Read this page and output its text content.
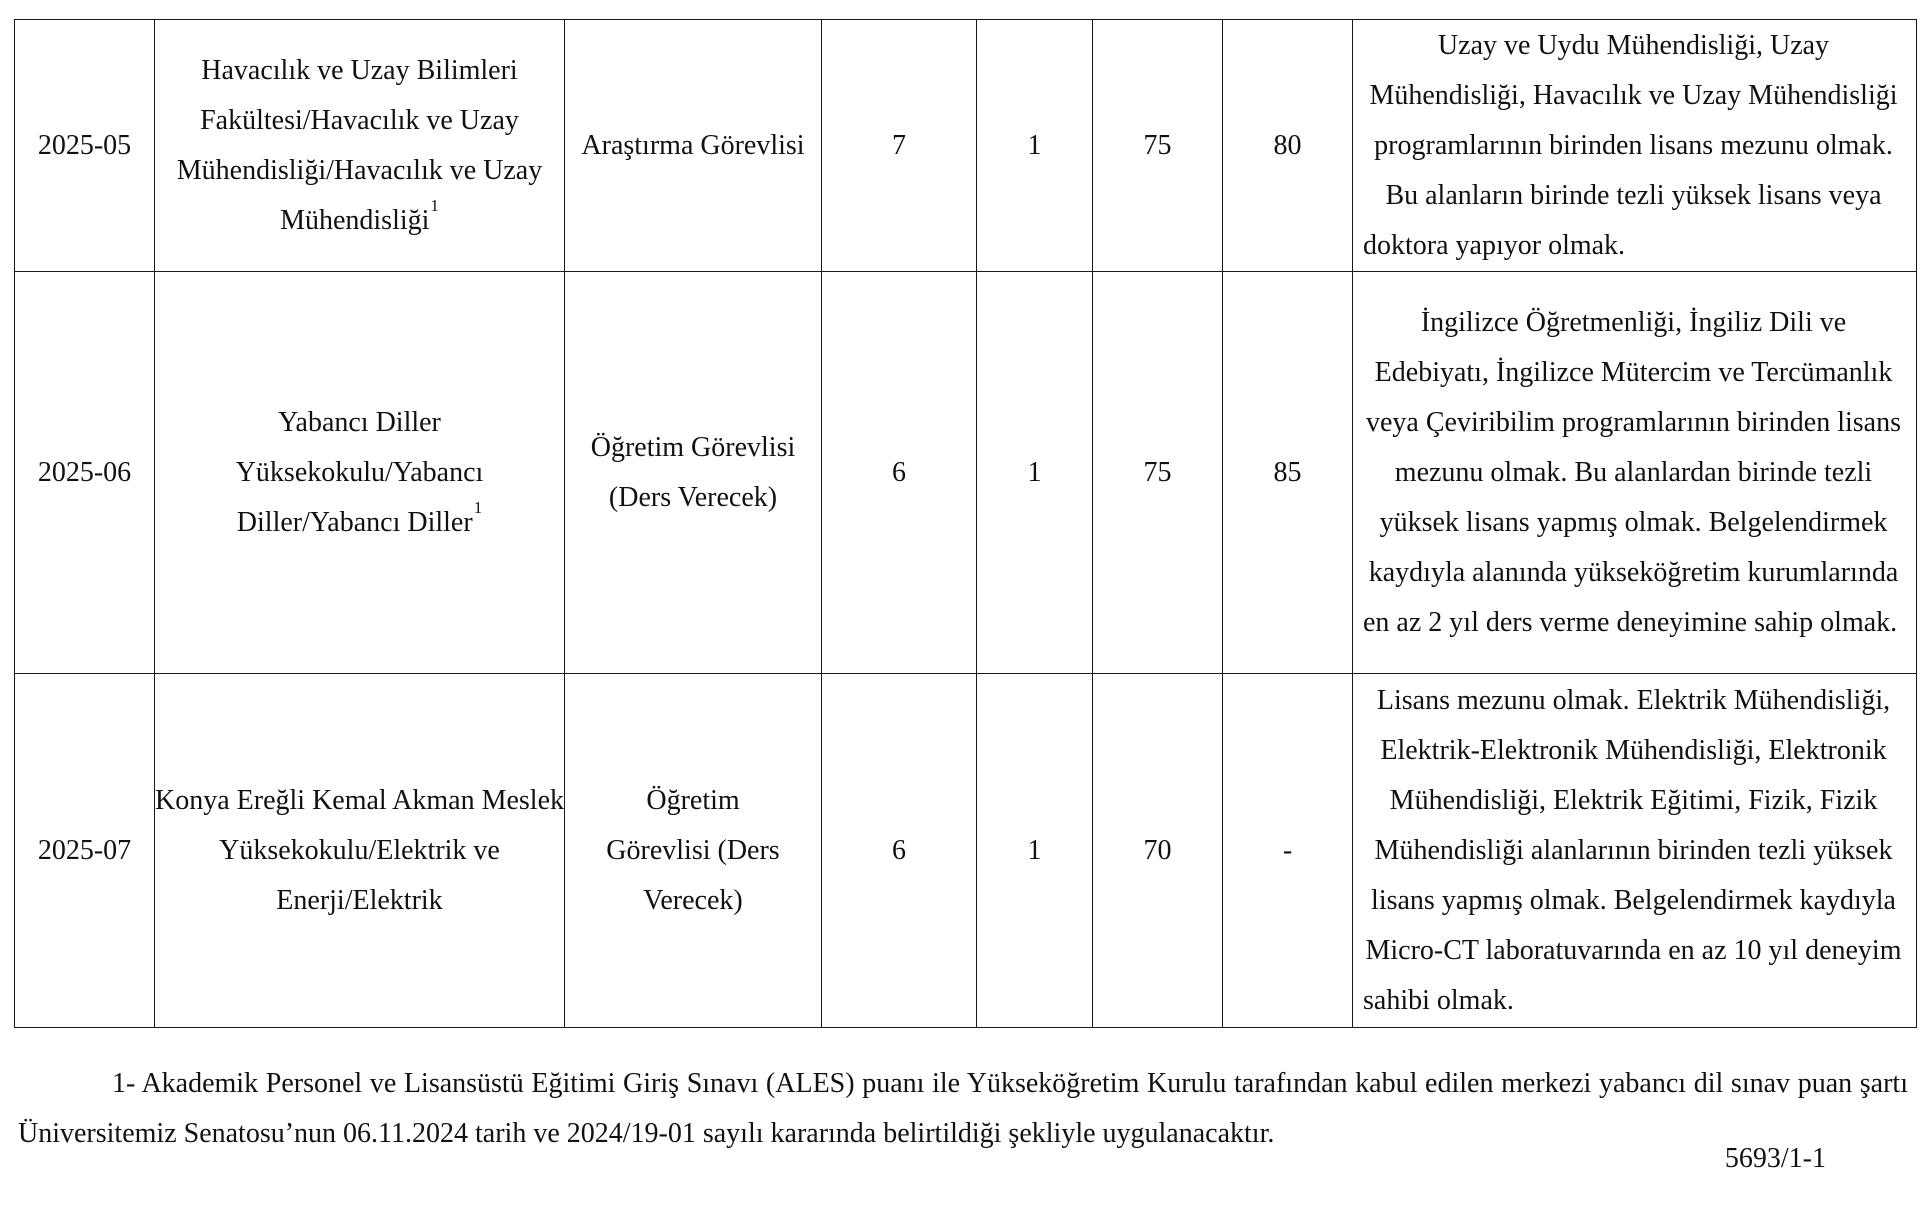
2025-05	Havacılık ve Uzay Bilimleri Fakültesi/Havacılık ve Uzay Mühendisliği/Havacılık ve Uzay Mühendisliği$^1$	Araştırma Görevlisi	7	1	75	80	Uzay ve Uydu Mühendisliği, Uzay Mühendisliği, Havacılık ve Uzay Mühendisliği programlarının birinden lisans mezunu olmak. Bu alanların birinde tezli yüksek lisans veya doktora yapıyor olmak.
2025-06	Yabancı Diller Yüksekokulu/Yabancı Diller/Yabancı Diller$^1$	Öğretim Görevlisi (Ders Verecek)	6	1	75	85	İngilizce Öğretmenliği, İngiliz Dili ve Edebiyatı, İngilizce Mütercim ve Tercümanlık veya Çeviribilim programlarının birinden lisans mezunu olmak. Bu alanlardan birinde tezli yüksek lisans yapmış olmak. Belgelendirmek kaydıyla alanında yükseköğretim kurumlarında en az 2 yıl ders verme deneyimine sahip olmak.
2025-07	Konya Ereğli Kemal Akman Meslek Yüksekokulu/Elektrik ve Enerji/Elektrik	Öğretim Görevlisi (Ders Verecek)	6	1	70	-	Lisans mezunu olmak. Elektrik Mühendisliği, Elektrik-Elektronik Mühendisliği, Elektronik Mühendisliği, Elektrik Eğitimi, Fizik, Fizik Mühendisliği alanlarının birinden tezli yüksek lisans yapmış olmak. Belgelendirmek kaydıyla Micro-CT laboratuvarında en az 10 yıl deneyim sahibi olmak.

1- Akademik Personel ve Lisansüstü Eğitimi Giriş Sınavı (ALES) puanı ile Yükseköğretim Kurulu tarafından kabul edilen merkezi yabancı dil sınav puan şartı Üniversitemiz Senatosu’nun 06.11.2024 tarih ve 2024/19-01 sayılı kararında belirtildiği şekliyle uygulanacaktır.

5693/1-1
